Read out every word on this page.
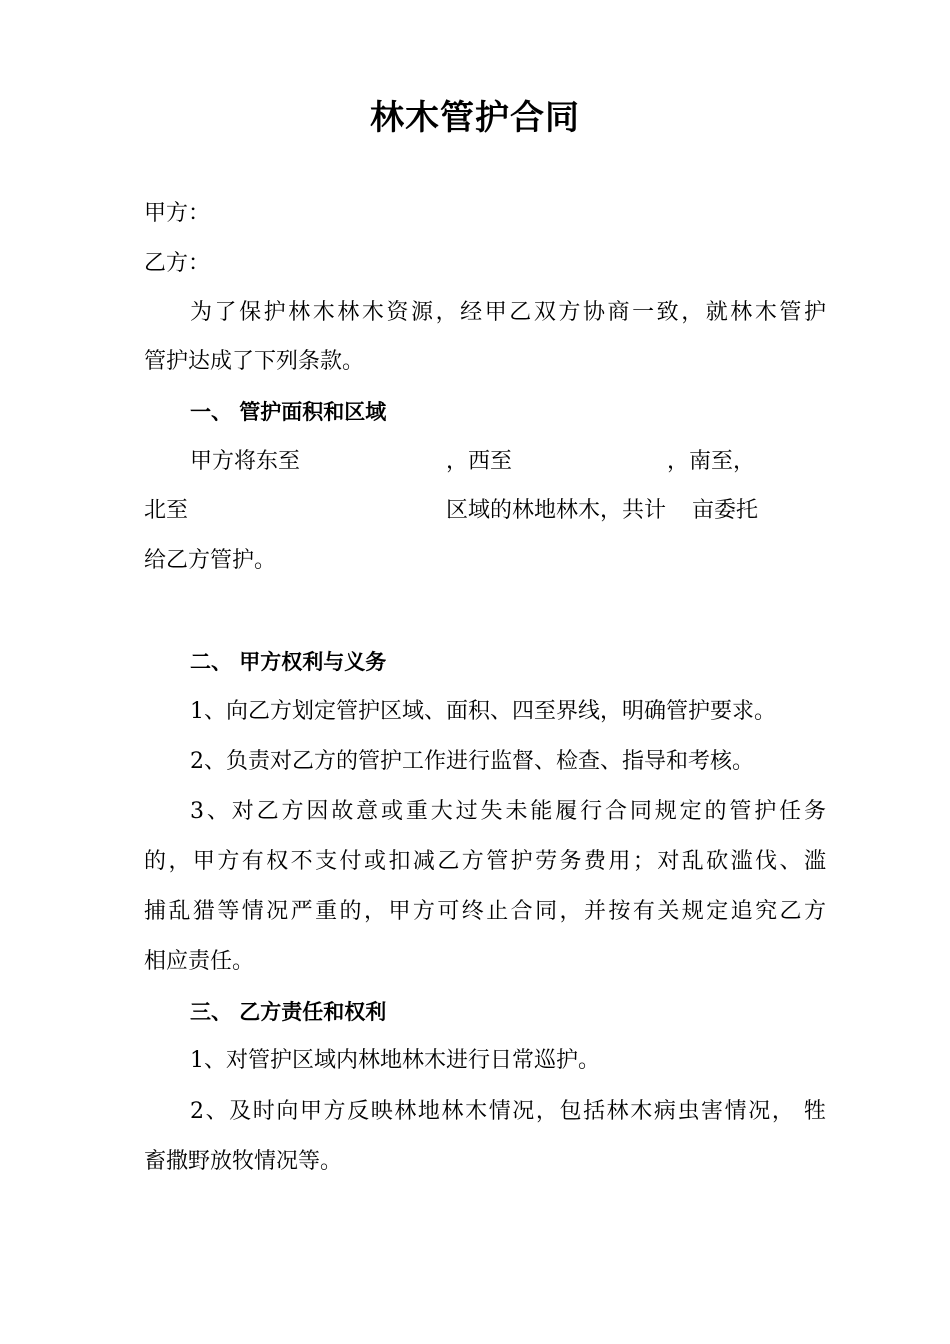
林木管护合同
甲方：
乙方：
为了保护林木林木资源，经甲乙双方协商一致，就林木管护
管护达成了下列条款。
一、 管护面积和区域
甲方将东至	，西至	，南至，
北至	区域的林地林木，共计 亩委托
给乙方管护。
二、 甲方权利与义务
1、向乙方划定管护区域、面积、四至界线，明确管护要求。
2、负责对乙方的管护工作进行监督、检查、指导和考核。
3、对乙方因故意或重大过失未能履行合同规定的管护任务
的，甲方有权不支付或扣减乙方管护劳务费用；对乱砍滥伐、滥
捕乱猎等情况严重的，甲方可终止合同，并按有关规定追究乙方
相应责任。
三、 乙方责任和权利
1、对管护区域内林地林木进行日常巡护。
2、及时向甲方反映林地林木情况，包括林木病虫害情况， 牲
畜撒野放牧情况等。
